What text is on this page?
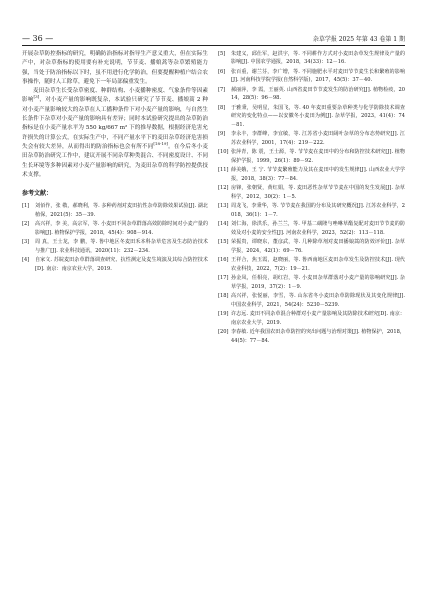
— 36 —	杂草学报 2025 年第 43 卷第 1 期

开展杂草防控指标的研究，明确防治指标对指导生产意义重大，但在实际生产中，对杂草指标的使用要有补充说明，节节麦、播娘蒿等杂草繁殖能力强，当处于防治指标以下时，虽不用进行化学防治，但要提醒种植户结合农事操作，随时人工除草，避免下一年局部偏重发生。

麦田杂草生长受杂草密度、种群结构、小麦播种密度、气象条件等因素影响[3]，对小麦产量的影响既复杂，本试验只研究了节节麦、播娘蒿 2 种对小麦产量影响较大的杂草在人工播种条件下对小麦产量的影响，与自然生长条件下杂草对小麦产量的影响具有差异；同时本试验研究提出的杂草防治指标是在小麦产量水平为 550 kg/667 m² 下的推导数据，根据经济危害允许损失的计算公式，在实际生产中，不同产量水平下的麦田杂草经济危害损失会有较大差异，从而得出的防治指标也会有所不同[18-19]。在今后冬小麦田杂草防治研究工作中，建议开展不同杂草种类混合、不同密度设计、不同生长环境等多种因素对小麦产量影响的研究，为麦田杂草的科学防控提供技术支撑。

参考文献：
[1]	刘佰作，张 敬，郝晓利，等. 多种药剂对麦田抗性杂草防除效果试验[J]. 湖北植保，2021(5)：35－39.
[2]	高兴祥，李 美，高宗军，等. 小麦田不同杂草群落高效防除时间对小麦产量的影响[J]. 植物保护学报，2018，45(4)：908－914.
[3]	周 真，王士龙，李 鹏，等. 鲁中地区冬麦田禾本科杂草危害及生态防治技术与推广[J]. 农业科技通讯，2020(11)：232－234.
[4]	自家文. 苏皖麦田杂草群落调查研究、抗性测定及麦生境演及其综合防控技术[D]. 南京：南京农业大学，2019.
[5]	朱建义，邱仕军，赵洪宇，等. 不同耕作方式对小麦田杂草发生规律及产量的影响[J]. 中国农学通报，2018，34(33)：12－16.
[6]	张百重，谢兰芬，李广增，等. 不同施肥水平对麦田节节麦生长和繁殖的影响[J]. 河南科技学院学报(自然科学版)，2017，45(5)：37－40.
[7]	郝丽萍，李 霞，王丽英. 山西省麦田节节麦发生的防治研究[J]. 植物检疫，2014，28(5)：96－98.
[8]	于雅秉，吴明星，朱国飞，等. 40 年麦田重要杂草种类与化学防除技术调查研究的变化特点——以安徽冬小麦田为例[J]. 杂草学报，2023，41(4)：74－81.
[9]	李永丰，李群峰，李宜敏，等. 江苏省小麦田阔叶杂草的分布态势研究[J]. 江苏农业科学，2001，17(4)：219－222.
[10] 张萍青，陈 震，王士源，等. 节节麦在麦田中的分布和防控技术研究[J]. 植物保护学报，1999，26(1)：89－92.
[11] 薛美娥，王 宁. 节节麦繁殖能力及其在麦田中的发生规律[J]. 山西农业大学学报，2018，38(3)：77－84.
[12] 房锋，张朝贤，黄红娟，等. 麦田恶性杂草节节麦在中国的发生发展[J]. 杂草科学，2012，30(2)：1－5.
[13] 周龙飞，李秉华，等. 节节麦在我国的分布及其研究概况[J]. 江苏农业科学，2018，36(1)：1－7.
[14] 刘仁海，徐洪乐，孙兰兰，等. 甲基二磺隆与唑啉草酯复配对麦田节节麦的防效及对小麦的安全性[J]. 河南农业科学，2023，52(2)：113－118.
[15] 荣振贵，谭晓东，董彦武，等. 几种除草剂对麦田播娘蒿的防效评价[J]. 杂草学报，2024，42(1)：69－76.
[16] 王祥合，焦玉霞，赵晓丽，等. 鲁西南地区麦田杂草发生及防控技术[J]. 现代农业科技，2022，7(2)：19－21.
[17] 孙金凤，任相亮，胡红岩，等. 小麦田杂草群落对小麦产量的影响研究[J]. 杂草学报，2019，37(2)：1－9.
[18] 高兴祥，张悦丽，李雪，等. 山东省冬小麦田杂草防除现状及其变化规律[J]. 中国农业科学，2021，54(24)：5230－5239.
[19] 许志远. 麦田不同杂草混合种群对小麦产量影响及其防除技术研究[D]. 南京：南京农业大学，2019.
[20] 李春敏. 近年我国农田杂草防控的突出问题与治理对策[J]. 植物保护，2018，44(5)：77－84.
